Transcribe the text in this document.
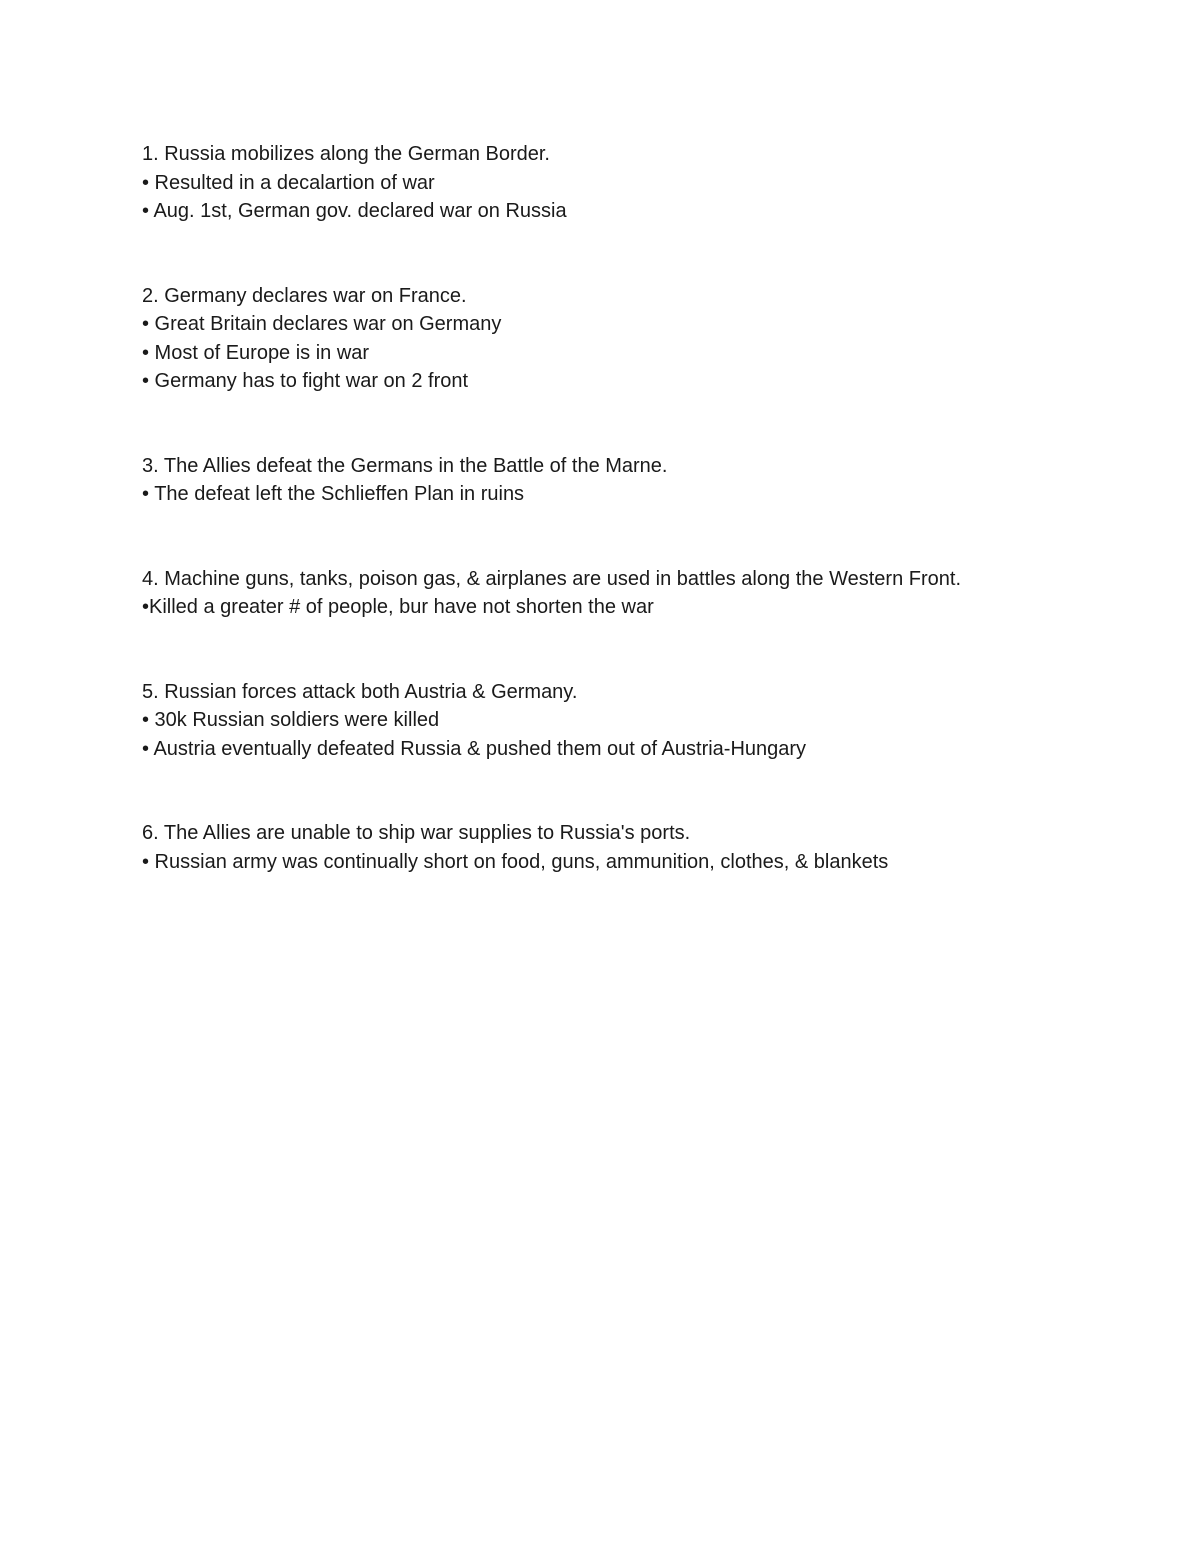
1. Russia mobilizes along the German Border.
• Resulted in a decalartion of war
• Aug. 1st, German gov. declared war on Russia
2. Germany declares war on France.
• Great Britain declares war on Germany
• Most of Europe is in war
• Germany has to fight war on 2 front
3. The Allies defeat the Germans in the Battle of the Marne.
• The defeat left the Schlieffen Plan in ruins
4. Machine guns, tanks, poison gas, & airplanes are used in battles along the Western Front.
•Killed a greater # of people, bur have not shorten the war
5. Russian forces attack both Austria & Germany.
• 30k Russian soldiers were killed
• Austria eventually defeated Russia & pushed them out of Austria-Hungary
6. The Allies are unable to ship war supplies to Russia's ports.
• Russian army was continually short on food, guns, ammunition, clothes, & blankets
